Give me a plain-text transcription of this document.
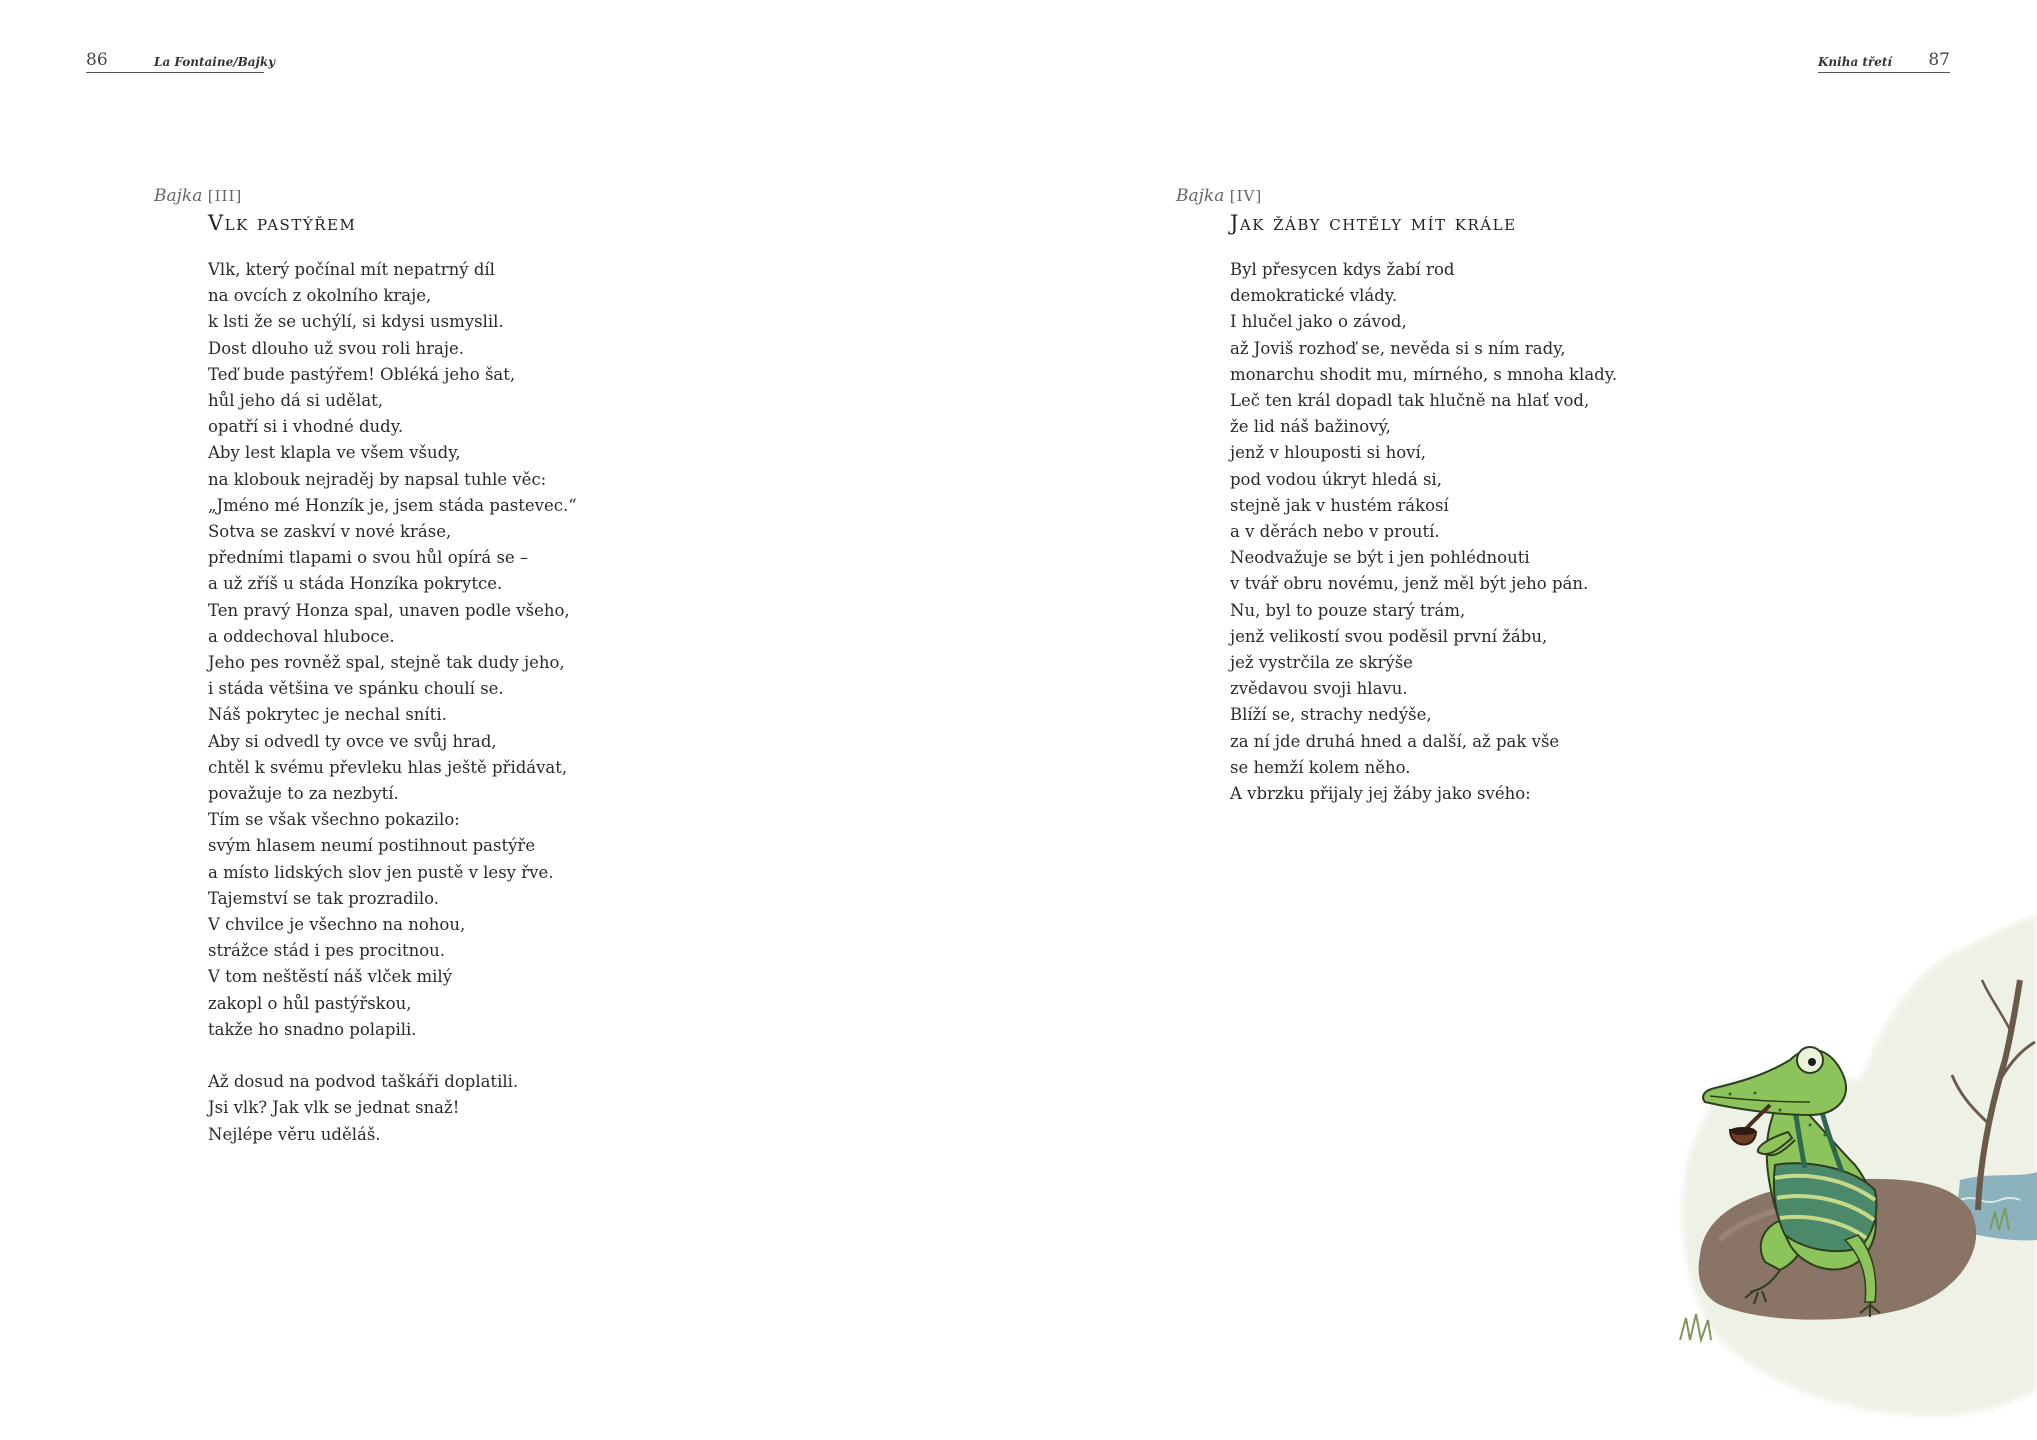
86	La Fontaine/Bajky	Kniha třetí 87
Bajka [III]
Vlk pastýřem
Vlk, který počínal mít nepatrný díl
na ovcích z okolního kraje,
k lsti že se uchýlí, si kdysi usmyslil.
Dost dlouho už svou roli hraje.
Teď bude pastýřem! Obléká jeho šat,
hůl jeho dá si udělat,
opatří si i vhodné dudy.
Aby lest klapla ve všem všudy,
na klobouk nejraděj by napsal tuhle věc:
„Jméno mé Honzík je, jsem stáda pastevec.“
Sotva se zaskví v nové kráse,
předními tlapami o svou hůl opírá se –
a už zříš u stáda Honzíka pokrytce.
Ten pravý Honza spal, unaven podle všeho,
a oddechoval hluboce.
Jeho pes rovněž spal, stejně tak dudy jeho,
i stáda většina ve spánku choulí se.
Náš pokrytec je nechal sníti.
Aby si odvedl ty ovce ve svůj hrad,
chtěl k svému převleku hlas ještě přidávat,
považuje to za nezbytí.
Tím se však všechno pokazilo:
svým hlasem neumí postihnout pastýře
a místo lidských slov jen pustě v lesy řve.
Tajemství se tak prozradilo.
V chvilce je všechno na nohou,
strážce stád i pes procitnou.
V tom neštěstí náš vlček milý
zakopl o hůl pastýřskou,
takže ho snadno polapili.
Až dosud na podvod taškáři doplatili.
Jsi vlk? Jak vlk se jednat snaž!
Nejlépe věru uděláš.
Bajka [IV]
Jak žáby chtěly mít krále
Byl přesycen kdys žabí rod
demokratické vlády.
I hlučel jako o závod,
až Joviš rozhoď se, nevěda si s ním rady,
monarchu shodit mu, mírného, s mnoha klady.
Leč ten král dopadl tak hlučně na hlať vod,
že lid náš bažinový,
jenž v hlouposti si hoví,
pod vodou úkryt hledá si,
stejně jak v hustém rákosí
a v děrách nebo v proutí.
Neodvažuje se být i jen pohlédnouti
v tvář obru novému, jenž měl být jeho pán.
Nu, byl to pouze starý trám,
jenž velikostí svou poděsil první žábu,
jež vystrčila ze skrýše
zvědavou svoji hlavu.
Blíží se, strachy nedýše,
za ní jde druhá hned a další, až pak vše
se hemží kolem něho.
A vbrzku přijaly jej žáby jako svého:
